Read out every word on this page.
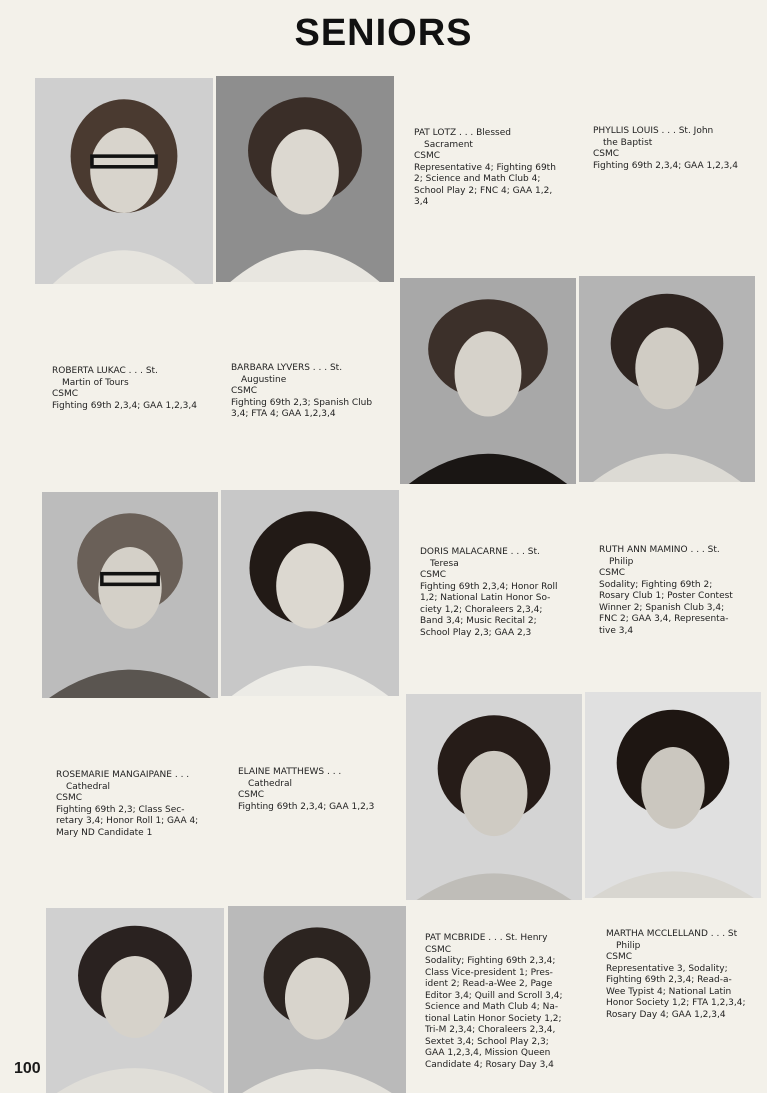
SENIORS
PAT LOTZ . . . Blessed
Sacrament
CSMC
Representative 4; Fighting 69th
2; Science and Math Club 4;
School Play 2; FNC 4; GAA 1,2,
3,4
PHYLLIS LOUIS . . . St. John
the Baptist
CSMC
Fighting 69th 2,3,4; GAA 1,2,3,4
ROBERTA LUKAC . . . St.
Martin of Tours
CSMC
Fighting 69th 2,3,4; GAA 1,2,3,4
BARBARA LYVERS . . . St.
Augustine
CSMC
Fighting 69th 2,3; Spanish Club
3,4; FTA 4; GAA 1,2,3,4
DORIS MALACARNE . . . St.
Teresa
CSMC
Fighting 69th 2,3,4; Honor Roll
1,2; National Latin Honor So-
ciety 1,2; Choraleers 2,3,4;
Band 3,4; Music Recital 2;
School Play 2,3; GAA 2,3
RUTH ANN MAMINO . . . St.
Philip
CSMC
Sodality; Fighting 69th 2;
Rosary Club 1; Poster Contest
Winner 2; Spanish Club 3,4;
FNC 2; GAA 3,4, Representa-
tive 3,4
ROSEMARIE MANGAIPANE . . .
Cathedral
CSMC
Fighting 69th 2,3; Class Sec-
retary 3,4; Honor Roll 1; GAA 4;
Mary ND Candidate 1
ELAINE MATTHEWS . . .
Cathedral
CSMC
Fighting 69th 2,3,4; GAA 1,2,3
PAT MCBRIDE . . . St. Henry
CSMC
Sodality; Fighting 69th 2,3,4;
Class Vice-president 1; Pres-
ident 2; Read-a-Wee 2, Page
Editor 3,4; Quill and Scroll 3,4;
Science and Math Club 4; Na-
tional Latin Honor Society 1,2;
Tri-M 2,3,4; Choraleers 2,3,4,
Sextet 3,4; School Play 2,3;
GAA 1,2,3,4, Mission Queen
Candidate 4; Rosary Day 3,4
MARTHA MCCLELLAND . . . St
Philip
CSMC
Representative 3, Sodality;
Fighting 69th 2,3,4; Read-a-
Wee Typist 4; National Latin
Honor Society 1,2; FTA 1,2,3,4;
Rosary Day 4; GAA 1,2,3,4
100
